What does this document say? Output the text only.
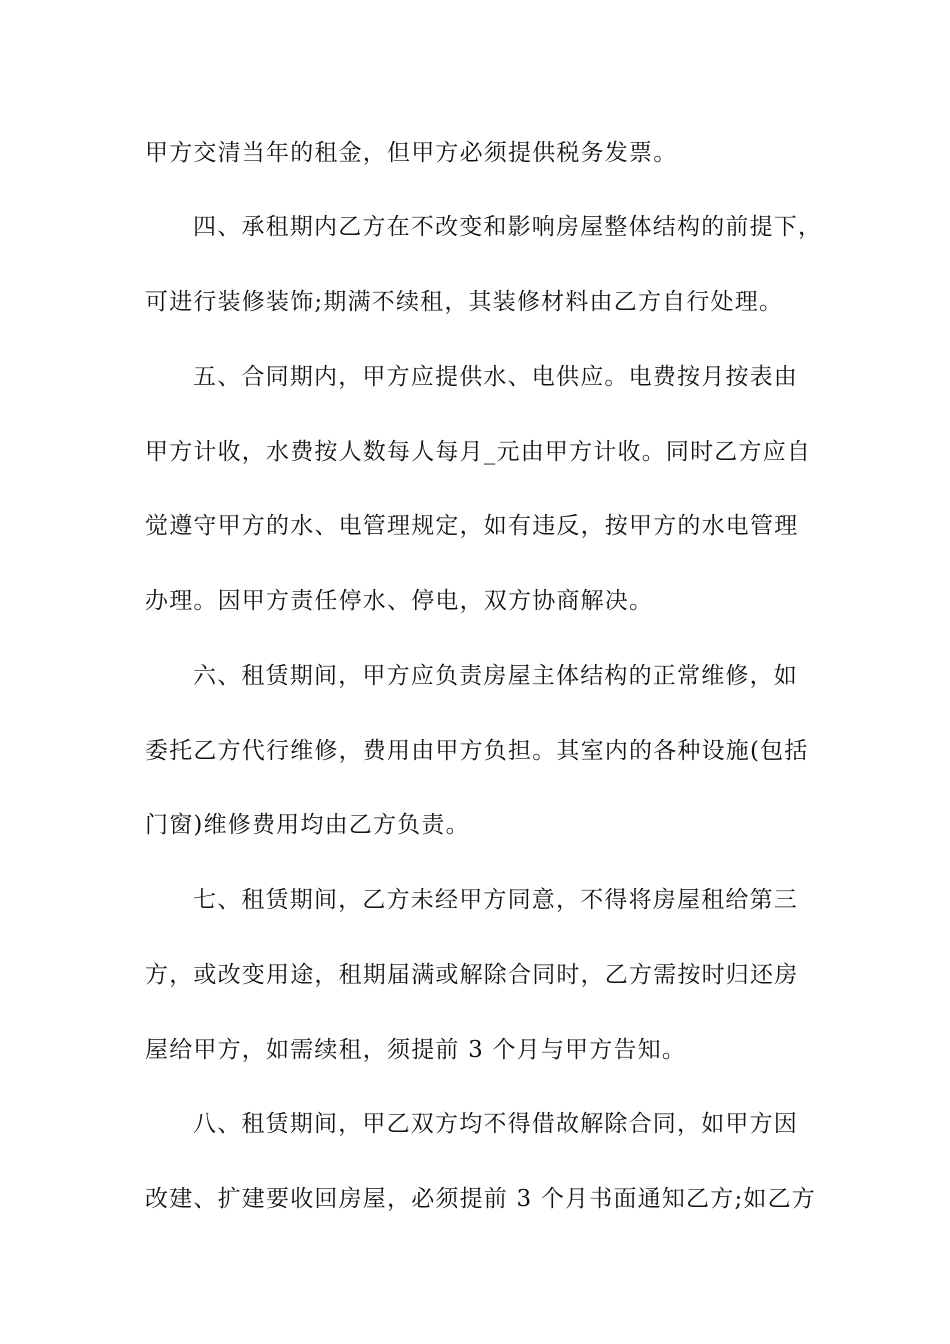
甲方交清当年的租金，但甲方必须提供税务发票。
四、承租期内乙方在不改变和影响房屋整体结构的前提下，
可进行装修装饰;期满不续租，其装修材料由乙方自行处理。
五、合同期内，甲方应提供水、电供应。电费按月按表由
甲方计收，水费按人数每人每月_元由甲方计收。同时乙方应自
觉遵守甲方的水、电管理规定，如有违反，按甲方的水电管理
办理。因甲方责任停水、停电，双方协商解决。
六、租赁期间，甲方应负责房屋主体结构的正常维修，如
委托乙方代行维修，费用由甲方负担。其室内的各种设施(包括
门窗)维修费用均由乙方负责。
七、租赁期间，乙方未经甲方同意，不得将房屋租给第三
方，或改变用途，租期届满或解除合同时，乙方需按时归还房
屋给甲方，如需续租，须提前 3 个月与甲方告知。
八、租赁期间，甲乙双方均不得借故解除合同，如甲方因
改建、扩建要收回房屋，必须提前 3 个月书面通知乙方;如乙方
